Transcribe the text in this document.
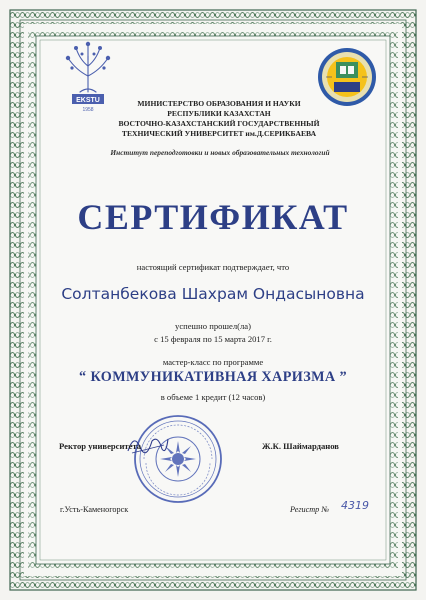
EKSTU
1958
МИНИСТЕРСТВО ОБРАЗОВАНИЯ И НАУКИ
РЕСПУБЛИКИ КАЗАХСТАН
ВОСТОЧНО-КАЗАХСТАНСКИЙ ГОСУДАРСТВЕННЫЙ
ТЕХНИЧЕСКИЙ УНИВЕРСИТЕТ им.Д.СЕРИКБАЕВА
Институт переподготовки и новых образовательных технологий
СЕРТИФИКАТ
настоящий сертификат подтверждает, что
Солтанбекова Шахрам Ондасыновна
успешно прошел(ла)
с 15 февраля по 15 марта 2017 г.
мастер-класс по программе
“ КОММУНИКАТИВНАЯ ХАРИЗМА ”
в объеме 1 кредит (12 часов)
Ректор университета	Ж.К. Шаймарданов
г.Усть-Каменогорск	Регистр № 4319
